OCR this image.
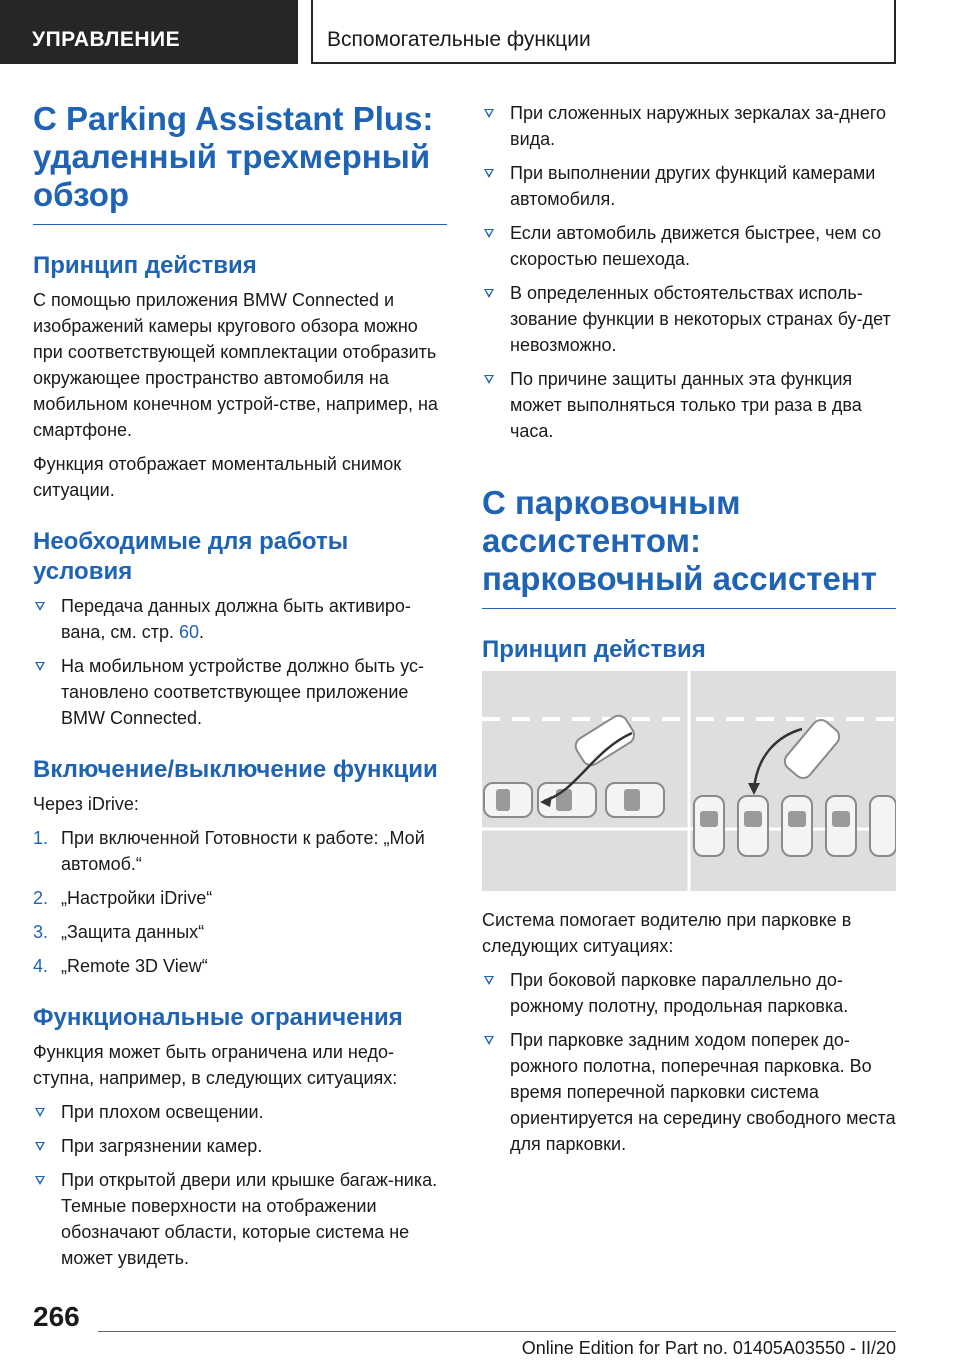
УПРАВЛЕНИЕ	Вспомогательные функции
С Parking Assistant Plus: удаленный трехмерный обзор
Принцип действия

С помощью приложения BMW Connected и изображений камеры кругового обзора можно при соответствующей комплектации отобразить окружающее пространство автомобиля на мобильном конечном устрой-стве, например, на смартфоне.

Функция отображает моментальный снимок ситуации.

Необходимые для работы условия
Передача данных должна быть активиро-вана, см. стр. 60.
На мобильном устройстве должно быть ус-тановлено соответствующее приложение BMW Connected.
Включение/выключение функции

Через iDrive:

1. При включенной Готовности к работе: „Мой автомоб.“
2. „Настройки iDrive“
3. „Защита данных“
4. „Remote 3D View“
Функциональные ограничения

Функция может быть ограничена или недо-ступна, например, в следующих ситуациях:

При плохом освещении.
При загрязнении камер.
При открытой двери или крышке багаж-ника. Темные поверхности на отображении обозначают области, которые система не может увидеть.
При сложенных наружных зеркалах за-днего вида.
При выполнении других функций камерами автомобиля.
Если автомобиль движется быстрее, чем со скоростью пешехода.
В определенных обстоятельствах исполь-зование функции в некоторых странах бу-дет невозможно.
По причине защиты данных эта функция может выполняться только три раза в два часа.
С парковочным ассистентом: парковочный ассистент
Принцип действия

Система помогает водителю при парковке в следующих ситуациях:

При боковой парковке параллельно до-рожному полотну, продольная парковка.
При парковке задним ходом поперек до-рожного полотна, поперечная парковка. Во время поперечной парковки система ориентируется на середину свободного места для парковки.
266
Online Edition for Part no. 01405A03550 - II/20
